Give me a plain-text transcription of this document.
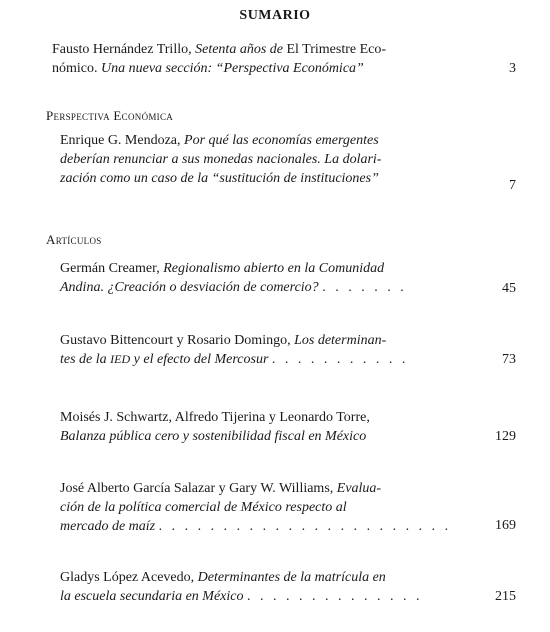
SUMARIO
Fausto Hernández Trillo, Setenta años de El Trimestre Eco-
nómico. Una nueva sección: “Perspectiva Económica”	3
Perspectiva Económica
Enrique G. Mendoza, Por qué las economías emergentes
deberían renunciar a sus monedas nacionales. La dolari-
zación como un caso de la “sustitución de instituciones”	7
Artículos
Germán Creamer, Regionalismo abierto en la Comunidad
Andina. ¿Creación o desviación de comercio? . . . . . . .	45
Gustavo Bittencourt y Rosario Domingo, Los determinan-
tes de la IED y el efecto del Mercosur . . . . . . . . . . .	73
Moisés J. Schwartz, Alfredo Tijerina y Leonardo Torre,
Balanza pública cero y sostenibilidad fiscal en México	129
José Alberto García Salazar y Gary W. Williams, Evalua-
ción de la política comercial de México respecto al
mercado de maíz . . . . . . . . . . . . . . . . . . . . . . .	169
Gladys López Acevedo, Determinantes de la matrícula en
la escuela secundaria en México . . . . . . . . . . . . . .	215
